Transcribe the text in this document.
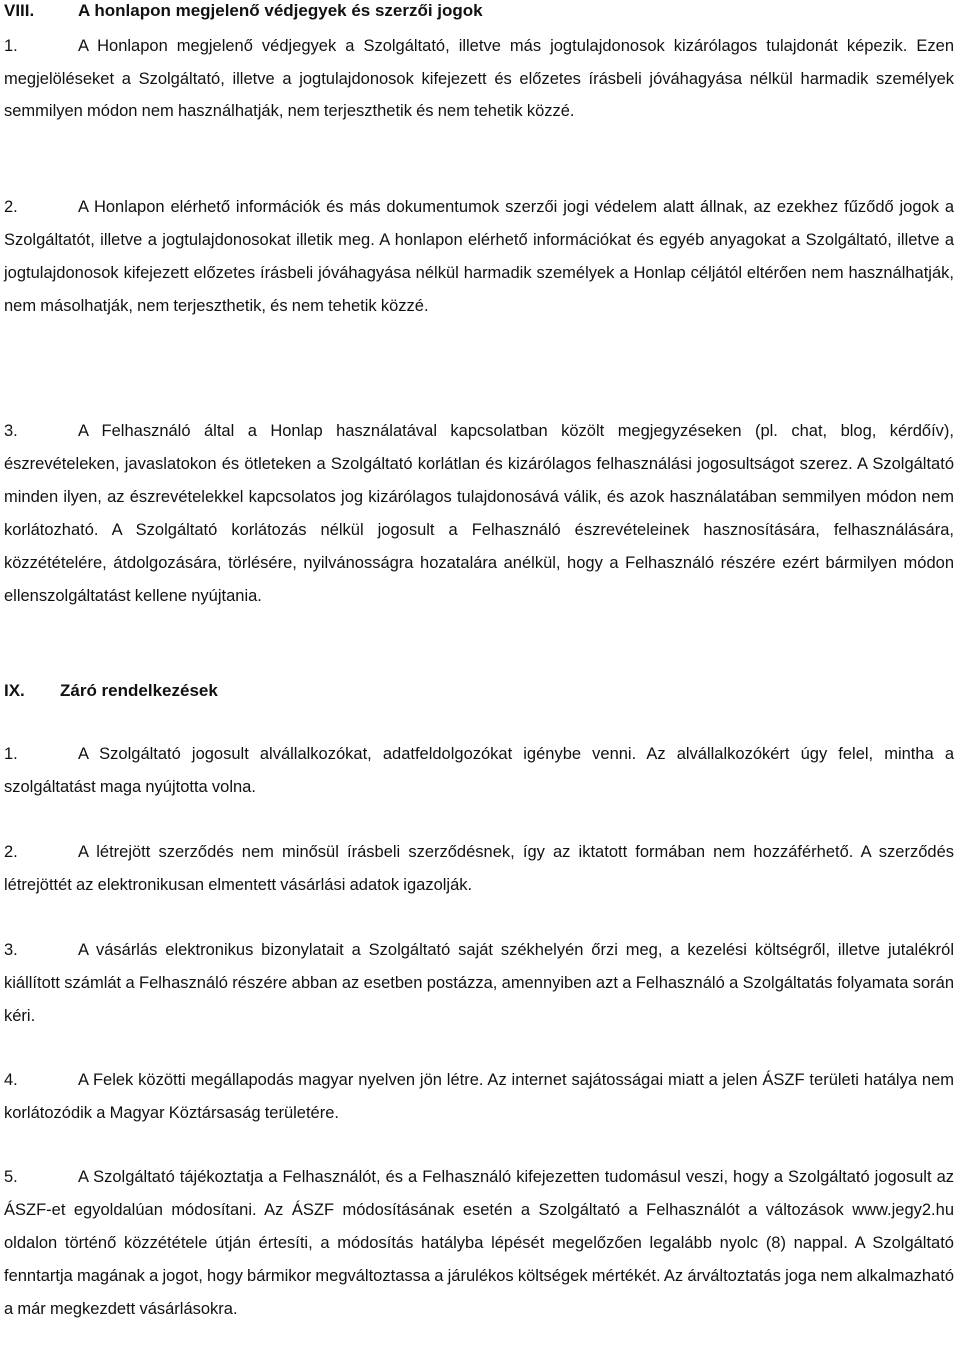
VIII.	A honlapon megjelenő védjegyek és szerzői jogok

1.	A Honlapon megjelenő védjegyek a Szolgáltató, illetve más jogtulajdonosok kizárólagos tulajdonát képezik. Ezen megjelöléseket a Szolgáltató, illetve a jogtulajdonosok kifejezett és előzetes írásbeli jóváhagyása nélkül harmadik személyek semmilyen módon nem használhatják, nem terjeszthetik és nem tehetik közzé.

2.	A Honlapon elérhető információk és más dokumentumok szerzői jogi védelem alatt állnak, az ezekhez fűződő jogok a Szolgáltatót, illetve a jogtulajdonosokat illetik meg. A honlapon elérhető információkat és egyéb anyagokat a Szolgáltató, illetve a jogtulajdonosok kifejezett előzetes írásbeli jóváhagyása nélkül harmadik személyek a Honlap céljától eltérően nem használhatják, nem másolhatják, nem terjeszthetik, és nem tehetik közzé.

3.	A Felhasználó által a Honlap használatával kapcsolatban közölt megjegyzéseken (pl. chat, blog, kérdőív), észrevételeken, javaslatokon és ötleteken a Szolgáltató korlátlan és kizárólagos felhasználási jogosultságot szerez. A Szolgáltató minden ilyen, az észrevételekkel kapcsolatos jog kizárólagos tulajdonosává válik, és azok használatában semmilyen módon nem korlátozható. A Szolgáltató korlátozás nélkül jogosult a Felhasználó észrevételeinek hasznosítására, felhasználására, közzétételére, átdolgozására, törlésére, nyilvánosságra hozatalára anélkül, hogy a Felhasználó részére ezért bármilyen módon ellenszolgáltatást kellene nyújtania.

IX. Záró rendelkezések

1.	A Szolgáltató jogosult alvállalkozókat, adatfeldolgozókat igénybe venni. Az alvállalkozókért úgy felel, mintha a szolgáltatást maga nyújtotta volna.

2.	A létrejött szerződés nem minősül írásbeli szerződésnek, így az iktatott formában nem hozzáférhető. A szerződés létrejöttét az elektronikusan elmentett vásárlási adatok igazolják.

3.	A vásárlás elektronikus bizonylatait a Szolgáltató saját székhelyén őrzi meg, a kezelési költségről, illetve jutalékról kiállított számlát a Felhasználó részére abban az esetben postázza, amennyiben azt a Felhasználó a Szolgáltatás folyamata során kéri.

4.	A Felek közötti megállapodás magyar nyelven jön létre. Az internet sajátosságai miatt a jelen ÁSZF területi hatálya nem korlátozódik a Magyar Köztársaság területére.

5.	A Szolgáltató tájékoztatja a Felhasználót, és a Felhasználó kifejezetten tudomásul veszi, hogy a Szolgáltató jogosult az ÁSZF-et egyoldalúan módosítani. Az ÁSZF módosításának esetén a Szolgáltató a Felhasználót a változások www.jegy2.hu oldalon történő közzététele útján értesíti, a módosítás hatályba lépését megelőzően legalább nyolc (8) nappal. A Szolgáltató fenntartja magának a jogot, hogy bármikor megváltoztassa a járulékos költségek mértékét. Az árváltoztatás joga nem alkalmazható a már megkezdett vásárlásokra.
